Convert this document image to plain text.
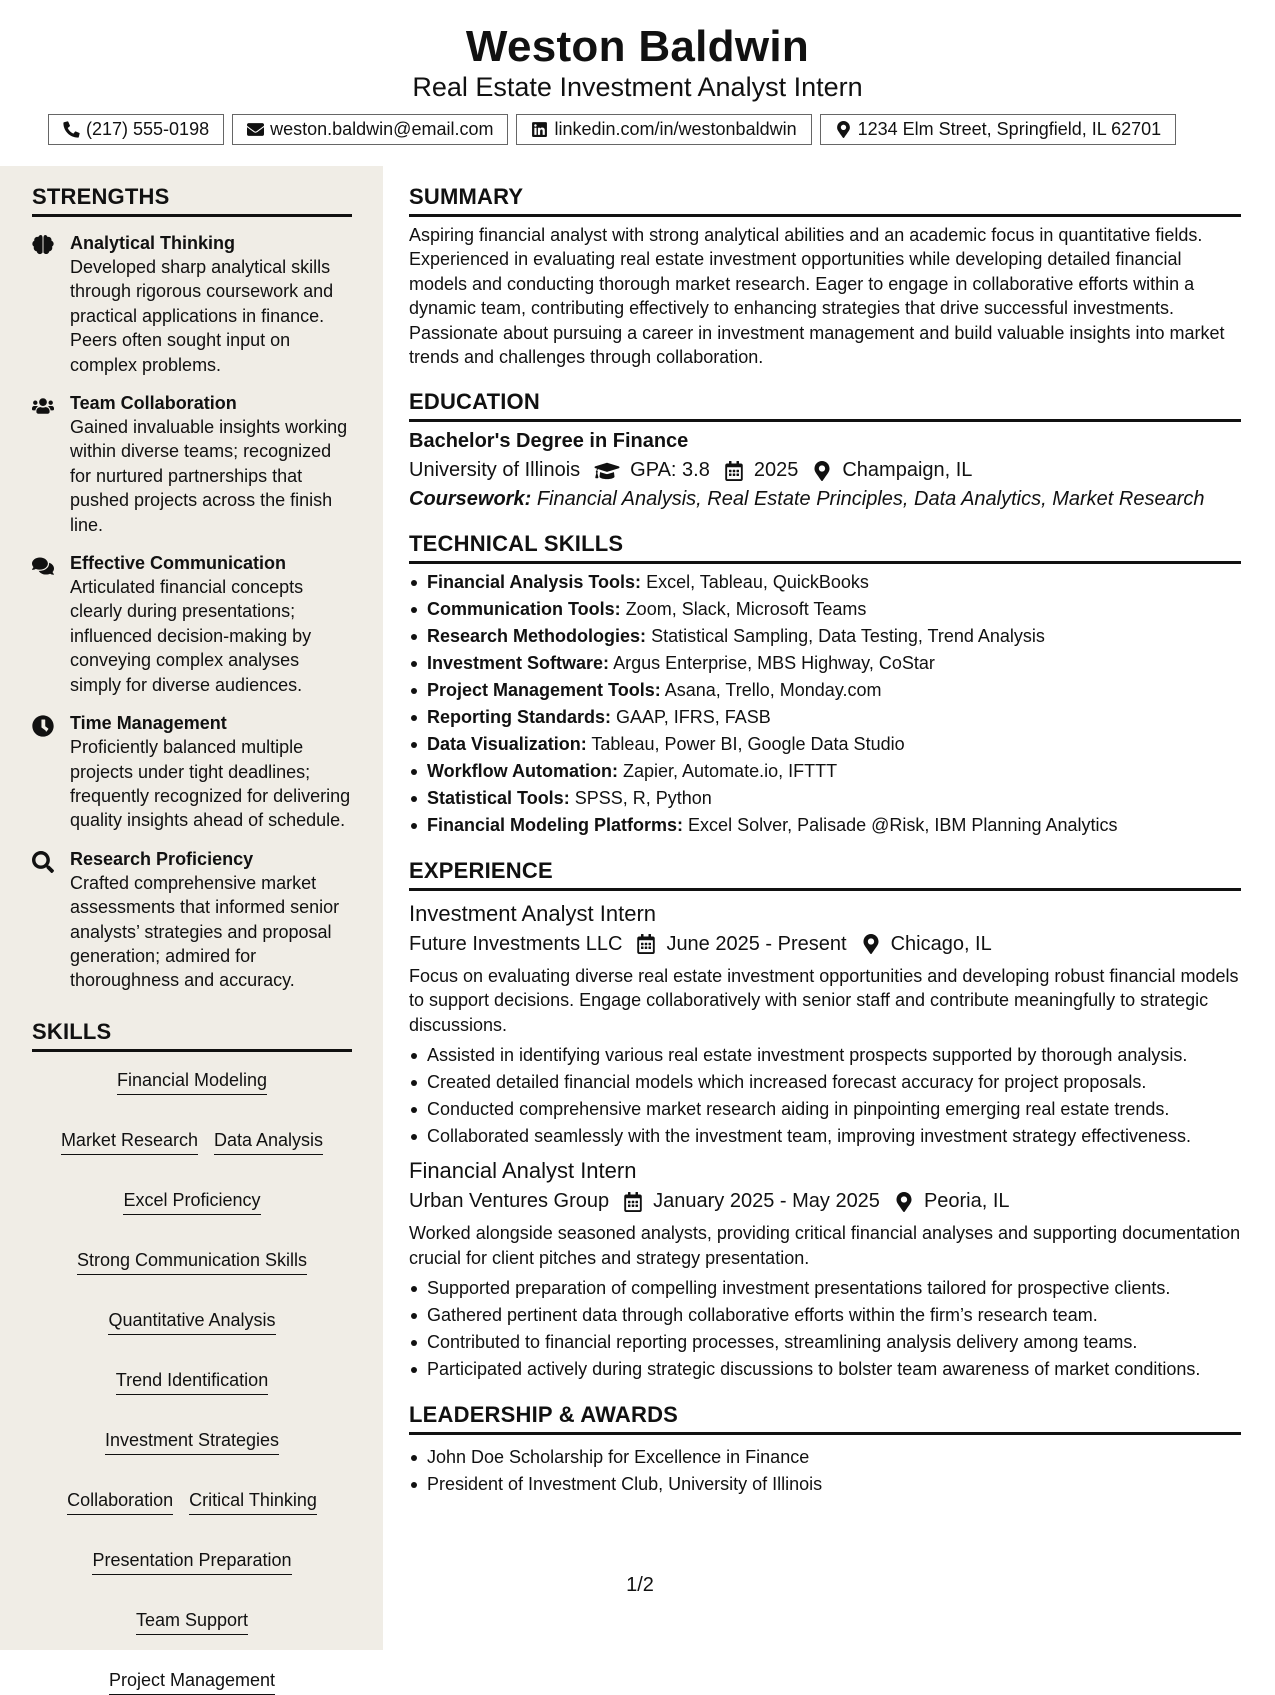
Weston Baldwin
Real Estate Investment Analyst Intern
(217) 555-0198	weston.baldwin@email.com	linkedin.com/in/westonbaldwin	1234 Elm Street, Springfield, IL 62701
STRENGTHS
Analytical Thinking
Developed sharp analytical skills through rigorous coursework and practical applications in finance. Peers often sought input on complex problems.
Team Collaboration
Gained invaluable insights working within diverse teams; recognized for nurtured partnerships that pushed projects across the finish line.
Effective Communication
Articulated financial concepts clearly during presentations; influenced decision-making by conveying complex analyses simply for diverse audiences.
Time Management
Proficiently balanced multiple projects under tight deadlines; frequently recognized for delivering quality insights ahead of schedule.
Research Proficiency
Crafted comprehensive market assessments that informed senior analysts’ strategies and proposal generation; admired for thoroughness and accuracy.
SKILLS
Financial Modeling
Market Research Data Analysis
Excel Proficiency
Strong Communication Skills
Quantitative Analysis
Trend Identification
Investment Strategies
Collaboration Critical Thinking
Presentation Preparation
Team Support
Project Management
SUMMARY
Aspiring financial analyst with strong analytical abilities and an academic focus in quantitative fields. Experienced in evaluating real estate investment opportunities while developing detailed financial models and conducting thorough market research. Eager to engage in collaborative efforts within a dynamic team, contributing effectively to enhancing strategies that drive successful investments. Passionate about pursuing a career in investment management and build valuable insights into market trends and challenges through collaboration.
EDUCATION
Bachelor's Degree in Finance
University of Illinois	GPA: 3.8 2025 Champaign, IL
Coursework: Financial Analysis, Real Estate Principles, Data Analytics, Market Research
TECHNICAL SKILLS
Financial Analysis Tools: Excel, Tableau, QuickBooks
Communication Tools: Zoom, Slack, Microsoft Teams
Research Methodologies: Statistical Sampling, Data Testing, Trend Analysis
Investment Software: Argus Enterprise, MBS Highway, CoStar
Project Management Tools: Asana, Trello, Monday.com
Reporting Standards: GAAP, IFRS, FASB
Data Visualization: Tableau, Power BI, Google Data Studio
Workflow Automation: Zapier, Automate.io, IFTTT
Statistical Tools: SPSS, R, Python
Financial Modeling Platforms: Excel Solver, Palisade @Risk, IBM Planning Analytics
EXPERIENCE
Investment Analyst Intern
Future Investments LLC June 2025 - Present Chicago, IL
Focus on evaluating diverse real estate investment opportunities and developing robust financial models to support decisions. Engage collaboratively with senior staff and contribute meaningfully to strategic discussions.
Assisted in identifying various real estate investment prospects supported by thorough analysis.
Created detailed financial models which increased forecast accuracy for project proposals.
Conducted comprehensive market research aiding in pinpointing emerging real estate trends.
Collaborated seamlessly with the investment team, improving investment strategy effectiveness.
Financial Analyst Intern
Urban Ventures Group January 2025 - May 2025 Peoria, IL
Worked alongside seasoned analysts, providing critical financial analyses and supporting documentation crucial for client pitches and strategy presentation.
Supported preparation of compelling investment presentations tailored for prospective clients.
Gathered pertinent data through collaborative efforts within the firm’s research team.
Contributed to financial reporting processes, streamlining analysis delivery among teams.
Participated actively during strategic discussions to bolster team awareness of market conditions.
LEADERSHIP & AWARDS
John Doe Scholarship for Excellence in Finance
President of Investment Club, University of Illinois
1/2
